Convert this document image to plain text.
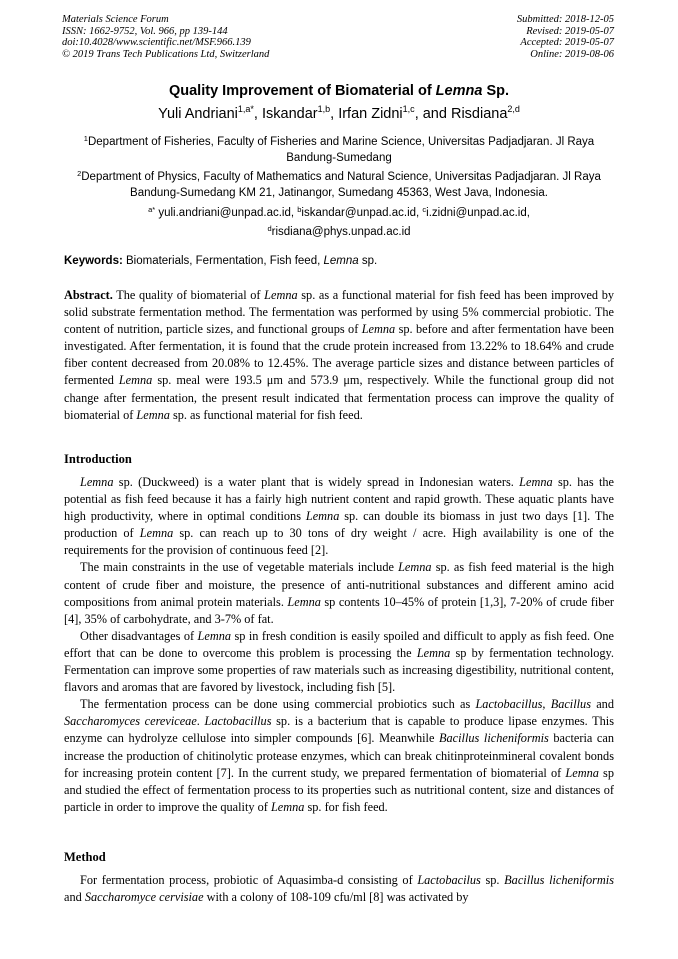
Materials Science Forum
ISSN: 1662-9752, Vol. 966, pp 139-144
doi:10.4028/www.scientific.net/MSF.966.139
© 2019 Trans Tech Publications Ltd, Switzerland
Submitted: 2018-12-05
Revised: 2019-05-07
Accepted: 2019-05-07
Online: 2019-08-06
Quality Improvement of Biomaterial of Lemna Sp.
Yuli Andriani$^{1,a*}$, Iskandar$^{1,b}$, Irfan Zidni$^{1,c}$, and Risdiana$^{2,d}$
$^1$Department of Fisheries, Faculty of Fisheries and Marine Science, Universitas Padjadjaran. Jl Raya Bandung-Sumedang
$^2$Department of Physics, Faculty of Mathematics and Natural Science, Universitas Padjadjaran. Jl Raya Bandung-Sumedang KM 21, Jatinangor, Sumedang 45363, West Java, Indonesia.
$^{a*}$ yuli.andriani@unpad.ac.id, $^b$iskandar@unpad.ac.id, $^c$i.zidni@unpad.ac.id,
$^d$risdiana@phys.unpad.ac.id
Keywords: Biomaterials, Fermentation, Fish feed, Lemna sp.
Abstract. The quality of biomaterial of Lemna sp. as a functional material for fish feed has been improved by solid substrate fermentation method. The fermentation was performed by using 5% commercial probiotic. The content of nutrition, particle sizes, and functional groups of Lemna sp. before and after fermentation have been investigated. After fermentation, it is found that the crude protein increased from 13.22% to 18.64% and crude fiber content decreased from 20.08% to 12.45%. The average particle sizes and distance between particles of fermented Lemna sp. meal were 193.5 μm and 573.9 μm, respectively. While the functional group did not change after fermentation, the present result indicated that fermentation process can improve the quality of biomaterial of Lemna sp. as functional material for fish feed.
Introduction

Lemna sp. (Duckweed) is a water plant that is widely spread in Indonesian waters. Lemna sp. has the potential as fish feed because it has a fairly high nutrient content and rapid growth. These aquatic plants have high productivity, where in optimal conditions Lemna sp. can double its biomass in just two days [1]. The production of Lemna sp. can reach up to 30 tons of dry weight / acre. High availability is one of the requirements for the provision of continuous feed [2].

The main constraints in the use of vegetable materials include Lemna sp. as fish feed material is the high content of crude fiber and moisture, the presence of anti-nutritional substances and different amino acid compositions from animal protein materials. Lemna sp contents 10–45% of protein [1,3], 7-20% of crude fiber [4], 35% of carbohydrate, and 3-7% of fat.

Other disadvantages of Lemna sp in fresh condition is easily spoiled and difficult to apply as fish feed. One effort that can be done to overcome this problem is processing the Lemna sp by fermentation technology. Fermentation can improve some properties of raw materials such as increasing digestibility, nutritional content, flavors and aromas that are favored by livestock, including fish [5].

The fermentation process can be done using commercial probiotics such as Lactobacillus, Bacillus and Saccharomyces cereviceae. Lactobacillus sp. is a bacterium that is capable to produce lipase enzymes. This enzyme can hydrolyze cellulose into simpler compounds [6]. Meanwhile Bacillus licheniformis bacteria can increase the production of chitinolytic protease enzymes, which can break chitinproteinmineral covalent bonds for increasing protein content [7]. In the current study, we prepared fermentation of biomaterial of Lemna sp and studied the effect of fermentation process to its properties such as nutritional content, size and distances of particle in order to improve the quality of Lemna sp. for fish feed.

Method

For fermentation process, probiotic of Aquasimba-d consisting of Lactobacilus sp. Bacillus licheniformis and Saccharomyce cervisiae with a colony of 108-109 cfu/ml [8] was activated by
